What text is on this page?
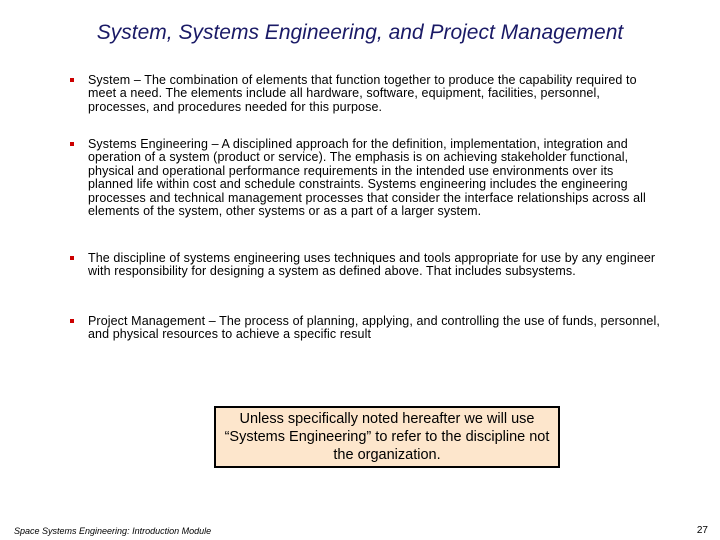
System, Systems Engineering, and Project Management
System – The combination of elements that function together to produce the capability required to meet a need. The elements include all hardware, software, equipment, facilities, personnel, processes, and procedures needed for this purpose.
Systems Engineering – A disciplined approach for the definition, implementation, integration and operation of a system (product or service). The emphasis is on achieving stakeholder functional, physical and operational performance requirements in the intended use environments over its planned life within cost and schedule constraints. Systems engineering includes the engineering processes and technical management processes that consider the interface relationships across all elements of the system, other systems or as a part of a larger system.
The discipline of systems engineering uses techniques and tools appropriate for use by any engineer with responsibility for designing a system as defined above. That includes subsystems.
Project Management – The process of planning, applying, and controlling the use of funds, personnel, and physical resources to achieve a specific result
Unless specifically noted hereafter we will use “Systems Engineering” to refer to the discipline not the organization.
Space Systems Engineering: Introduction Module	27
